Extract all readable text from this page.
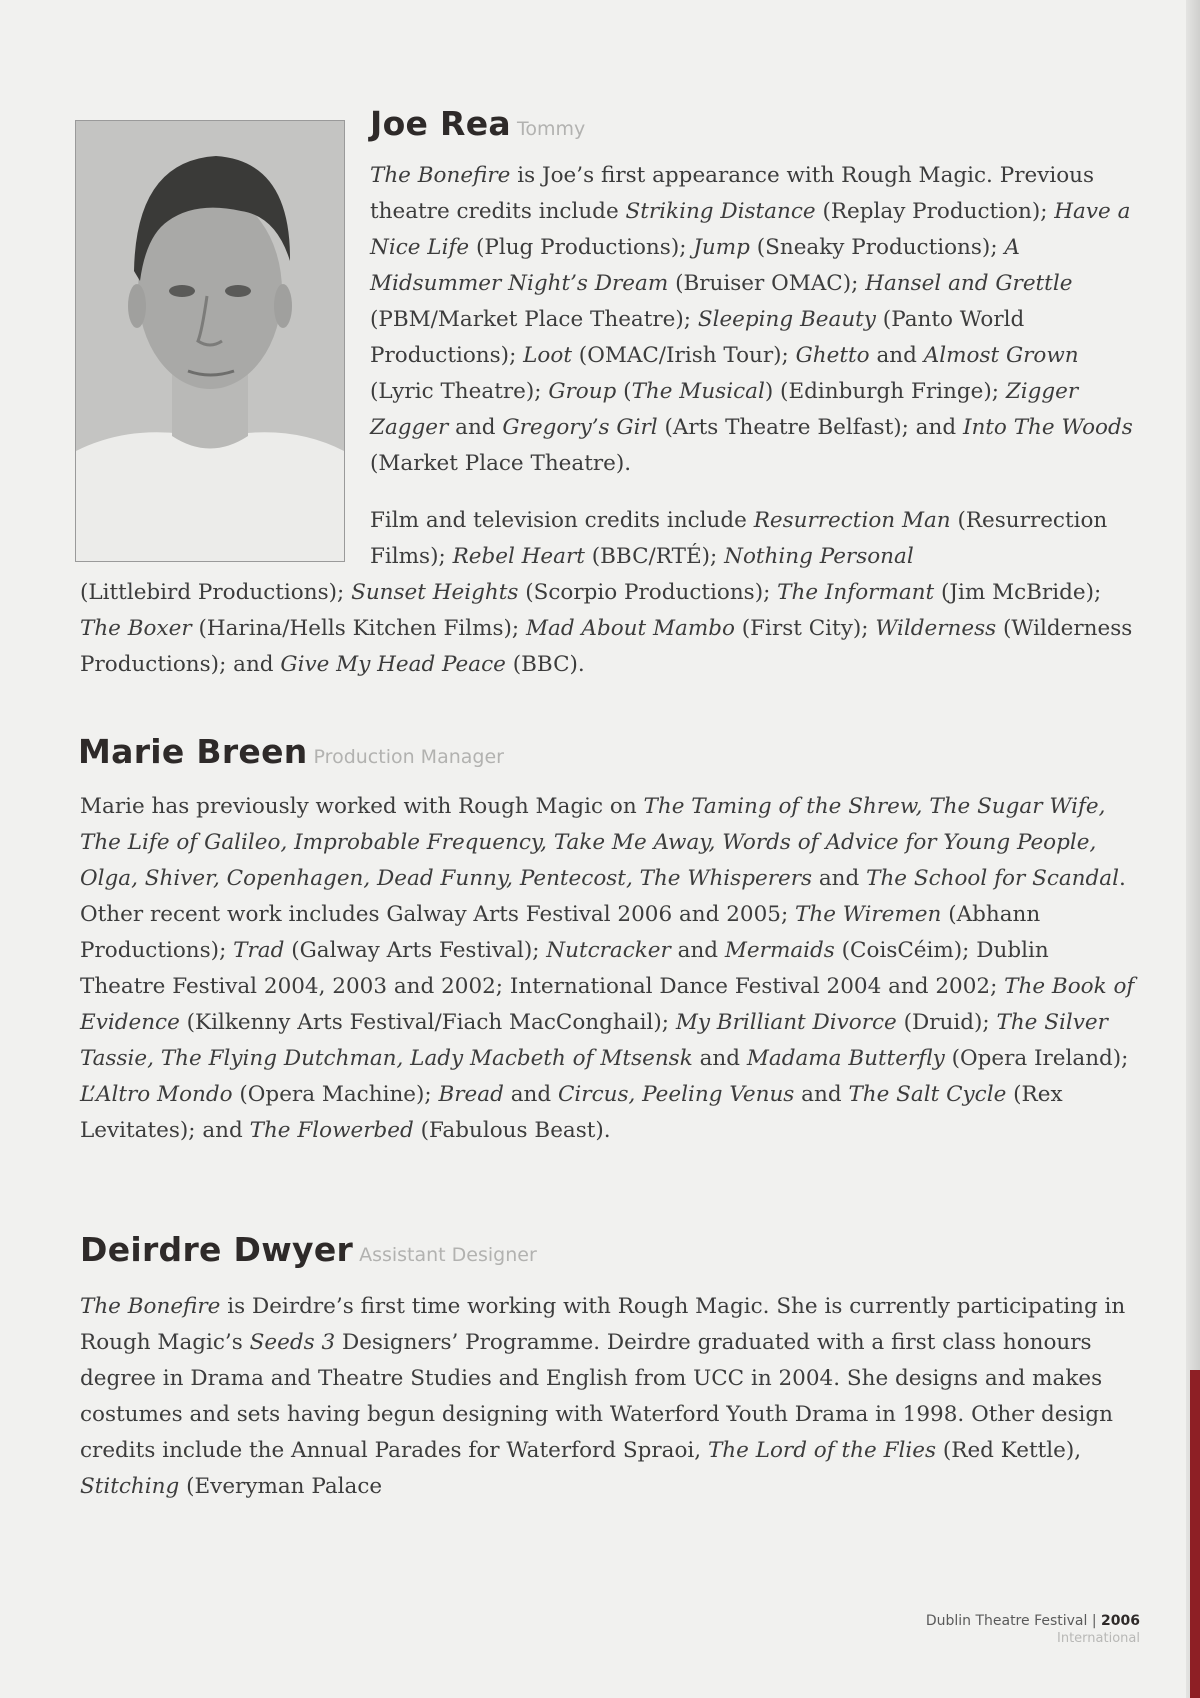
Joe Rea Tommy

The Bonefire is Joe’s first appearance with Rough Magic. Previous theatre credits include Striking Distance (Replay Production); Have a Nice Life (Plug Productions); Jump (Sneaky Productions); A Midsummer Night’s Dream (Bruiser OMAC); Hansel and Grettle (PBM/Market Place Theatre); Sleeping Beauty (Panto World Productions); Loot (OMAC/Irish Tour); Ghetto and Almost Grown (Lyric Theatre); Group (The Musical) (Edinburgh Fringe); Zigger Zagger and Gregory’s Girl (Arts Theatre Belfast); and Into The Woods (Market Place Theatre).

Film and television credits include Resurrection Man (Resurrection Films); Rebel Heart (BBC/RTÉ); Nothing Personal

(Littlebird Productions); Sunset Heights (Scorpio Productions); The Informant (Jim McBride); The Boxer (Harina/Hells Kitchen Films); Mad About Mambo (First City); Wilderness (Wilderness Productions); and Give My Head Peace (BBC).

Marie Breen Production Manager

Marie has previously worked with Rough Magic on The Taming of the Shrew, The Sugar Wife, The Life of Galileo, Improbable Frequency, Take Me Away, Words of Advice for Young People, Olga, Shiver, Copenhagen, Dead Funny, Pentecost, The Whisperers and The School for Scandal. Other recent work includes Galway Arts Festival 2006 and 2005; The Wiremen (Abhann Productions); Trad (Galway Arts Festival); Nutcracker and Mermaids (CoisCéim); Dublin Theatre Festival 2004, 2003 and 2002; International Dance Festival 2004 and 2002; The Book of Evidence (Kilkenny Arts Festival/Fiach MacConghail); My Brilliant Divorce (Druid); The Silver Tassie, The Flying Dutchman, Lady Macbeth of Mtsensk and Madama Butterfly (Opera Ireland); L’Altro Mondo (Opera Machine); Bread and Circus, Peeling Venus and The Salt Cycle (Rex Levitates); and The Flowerbed (Fabulous Beast).

Deirdre Dwyer Assistant Designer

The Bonefire is Deirdre’s first time working with Rough Magic. She is currently participating in Rough Magic’s Seeds 3 Designers’ Programme. Deirdre graduated with a first class honours degree in Drama and Theatre Studies and English from UCC in 2004. She designs and makes costumes and sets having begun designing with Waterford Youth Drama in 1998. Other design credits include the Annual Parades for Waterford Spraoi, The Lord of the Flies (Red Kettle), Stitching (Everyman Palace

Dublin Theatre Festival | 2006
International
